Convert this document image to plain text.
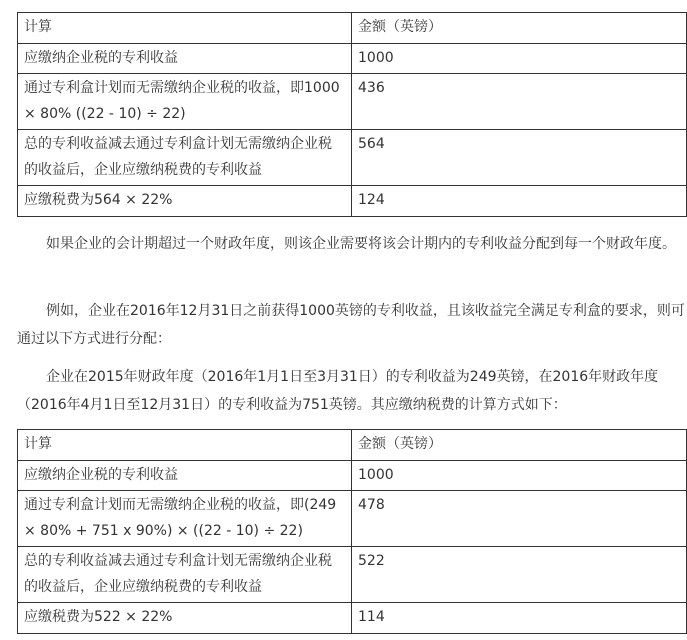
计算	金额（英镑）
应缴纳企业税的专利收益	1000
通过专利盒计划而无需缴纳企业税的收益，即1000 × 80% ((22 - 10) ÷ 22)	436
总的专利收益减去通过专利盒计划无需缴纳企业税的收益后，企业应缴纳税费的专利收益	564
应缴税费为564 × 22%	124

如果企业的会计期超过一个财政年度，则该企业需要将该会计期内的专利收益分配到每一个财政年度。

例如，企业在2016年12月31日之前获得1000英镑的专利收益，且该收益完全满足专利盒的要求，则可通过以下方式进行分配：

企业在2015年财政年度（2016年1月1日至3月31日）的专利收益为249英镑，在2016年财政年度（2016年4月1日至12月31日）的专利收益为751英镑。其应缴纳税费的计算方式如下：

计算	金额（英镑）
应缴纳企业税的专利收益	1000
通过专利盒计划而无需缴纳企业税的收益，即(249 × 80% + 751 x 90%) × ((22 - 10) ÷ 22)	478
总的专利收益减去通过专利盒计划无需缴纳企业税的收益后，企业应缴纳税费的专利收益	522
应缴税费为522 × 22%	114
